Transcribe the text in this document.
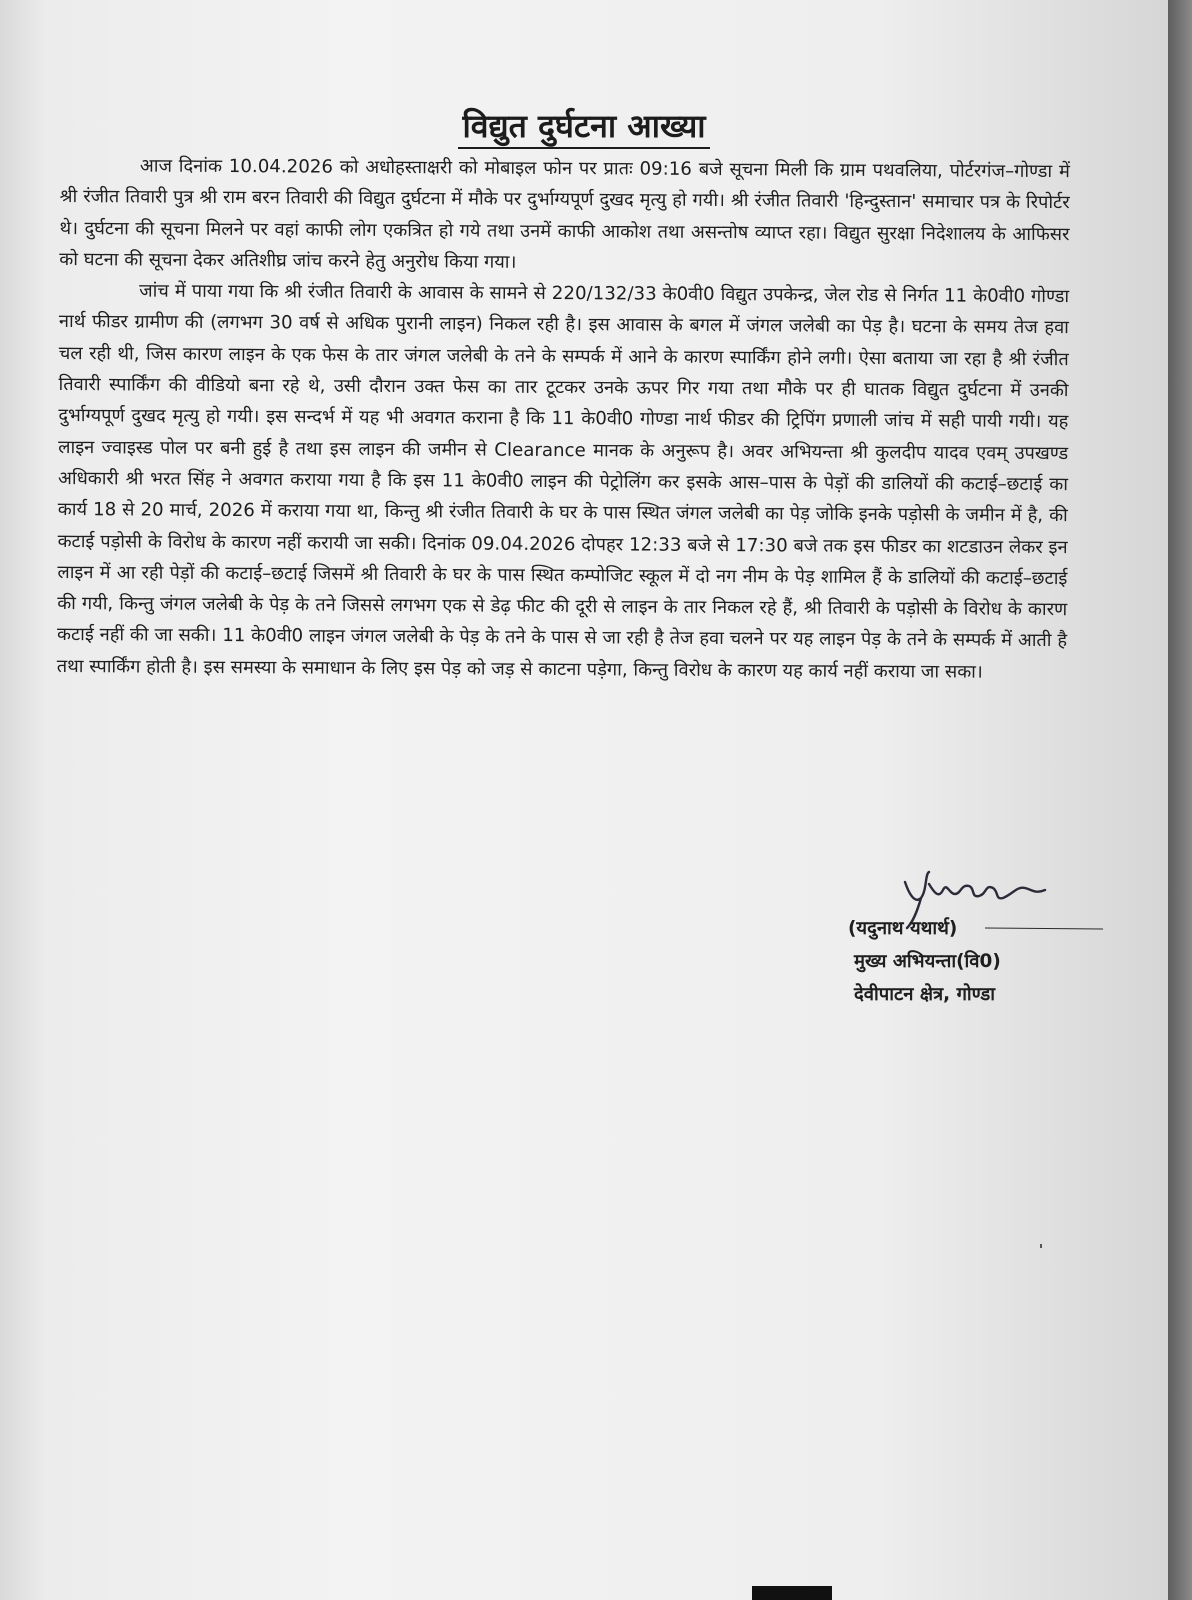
विद्युत दुर्घटना आख्या

आज दिनांक 10.04.2026 को अधोहस्ताक्षरी को मोबाइल फोन पर प्रातः 09:16 बजे सूचना मिली कि ग्राम पथवलिया, पोर्टरगंज–गोण्डा में श्री रंजीत तिवारी पुत्र श्री राम बरन तिवारी की विद्युत दुर्घटना में मौके पर दुर्भाग्यपूर्ण दुखद मृत्यु हो गयी। श्री रंजीत तिवारी 'हिन्दुस्तान' समाचार पत्र के रिपोर्टर थे। दुर्घटना की सूचना मिलने पर वहां काफी लोग एकत्रित हो गये तथा उनमें काफी आकोश तथा असन्तोष व्याप्त रहा। विद्युत सुरक्षा निदेशालय के आफिसर को घटना की सूचना देकर अतिशीघ्र जांच करने हेतु अनुरोध किया गया।

जांच में पाया गया कि श्री रंजीत तिवारी के आवास के सामने से 220/132/33 के0वी0 विद्युत उपकेन्द्र, जेल रोड से निर्गत 11 के0वी0 गोण्डा नार्थ फीडर ग्रामीण की (लगभग 30 वर्ष से अधिक पुरानी लाइन) निकल रही है। इस आवास के बगल में जंगल जलेबी का पेड़ है। घटना के समय तेज हवा चल रही थी, जिस कारण लाइन के एक फेस के तार जंगल जलेबी के तने के सम्पर्क में आने के कारण स्पार्किंग होने लगी। ऐसा बताया जा रहा है श्री रंजीत तिवारी स्पार्किंग की वीडियो बना रहे थे, उसी दौरान उक्त फेस का तार टूटकर उनके ऊपर गिर गया तथा मौके पर ही घातक विद्युत दुर्घटना में उनकी दुर्भाग्यपूर्ण दुखद मृत्यु हो गयी। इस सन्दर्भ में यह भी अवगत कराना है कि 11 के0वी0 गोण्डा नार्थ फीडर की ट्रिपिंग प्रणाली जांच में सही पायी गयी। यह लाइन ज्वाइस्ड पोल पर बनी हुई है तथा इस लाइन की जमीन से Clearance मानक के अनुरूप है। अवर अभियन्ता श्री कुलदीप यादव एवम् उपखण्ड अधिकारी श्री भरत सिंह ने अवगत कराया गया है कि इस 11 के0वी0 लाइन की पेट्रोलिंग कर इसके आस–पास के पेड़ों की डालियों की कटाई–छटाई का कार्य 18 से 20 मार्च, 2026 में कराया गया था, किन्तु श्री रंजीत तिवारी के घर के पास स्थित जंगल जलेबी का पेड़ जोकि इनके पड़ोसी के जमीन में है, की कटाई पड़ोसी के विरोध के कारण नहीं करायी जा सकी। दिनांक 09.04.2026 दोपहर 12:33 बजे से 17:30 बजे तक इस फीडर का शटडाउन लेकर इन लाइन में आ रही पेड़ों की कटाई–छटाई जिसमें श्री तिवारी के घर के पास स्थित कम्पोजिट स्कूल में दो नग नीम के पेड़ शामिल हैं के डालियों की कटाई–छटाई की गयी, किन्तु जंगल जलेबी के पेड़ के तने जिससे लगभग एक से डेढ़ फीट की दूरी से लाइन के तार निकल रहे हैं, श्री तिवारी के पड़ोसी के विरोध के कारण कटाई नहीं की जा सकी। 11 के0वी0 लाइन जंगल जलेबी के पेड़ के तने के पास से जा रही है तेज हवा चलने पर यह लाइन पेड़ के तने के सम्पर्क में आती है तथा स्पार्किंग होती है। इस समस्या के समाधान के लिए इस पेड़ को जड़ से काटना पड़ेगा, किन्तु विरोध के कारण यह कार्य नहीं कराया जा सका।

(यदुनाथ यथार्थ)
मुख्य अभियन्ता(वि0)
देवीपाटन क्षेत्र, गोण्डा
